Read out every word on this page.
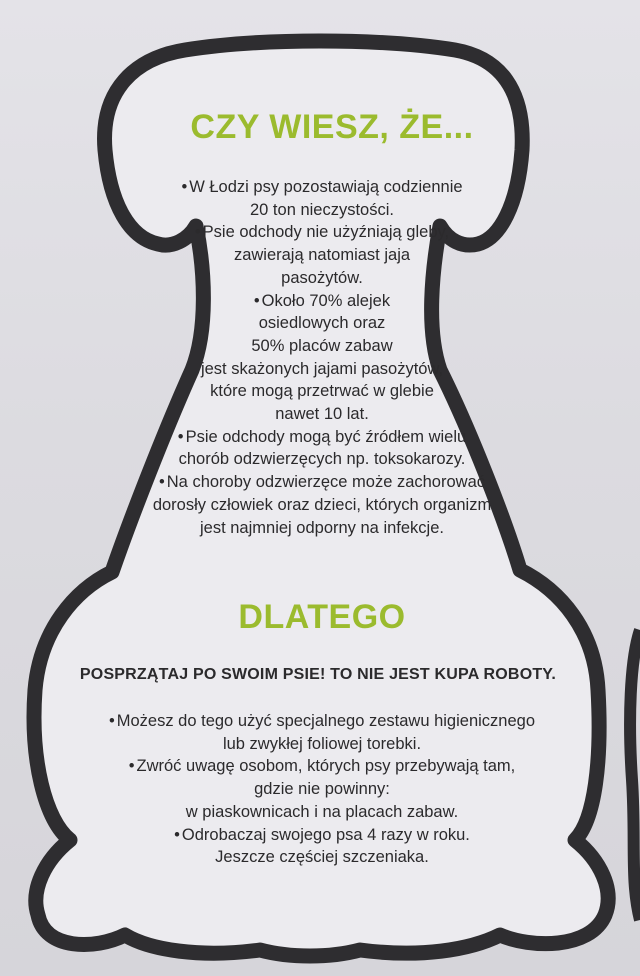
CZY WIESZ, ŻE...
• W Łodzi psy pozostawiają codziennie
20 ton nieczystości.
• Psie odchody nie użyźniają gleby,
zawierają natomiast jaja
pasożytów.
• Około 70% alejek
osiedlowych oraz
50% placów zabaw
jest skażonych jajami pasożytów,
które mogą przetrwać w glebie
nawet 10 lat.
• Psie odchody mogą być źródłem wielu
chorób odzwierzęcych np. toksokarozy.
• Na choroby odzwierzęce może zachorować
dorosły człowiek oraz dzieci, których organizm
jest najmniej odporny na infekcje.
DLATEGO
POSPRZĄTAJ PO SWOIM PSIE! TO NIE JEST KUPA ROBOTY.
• Możesz do tego użyć specjalnego zestawu higienicznego
lub zwykłej foliowej torebki.
• Zwróć uwagę osobom, których psy przebywają tam,
gdzie nie powinny:
w piaskownicach i na placach zabaw.
• Odrobaczaj swojego psa 4 razy w roku.
Jeszcze częściej szczeniaka.
